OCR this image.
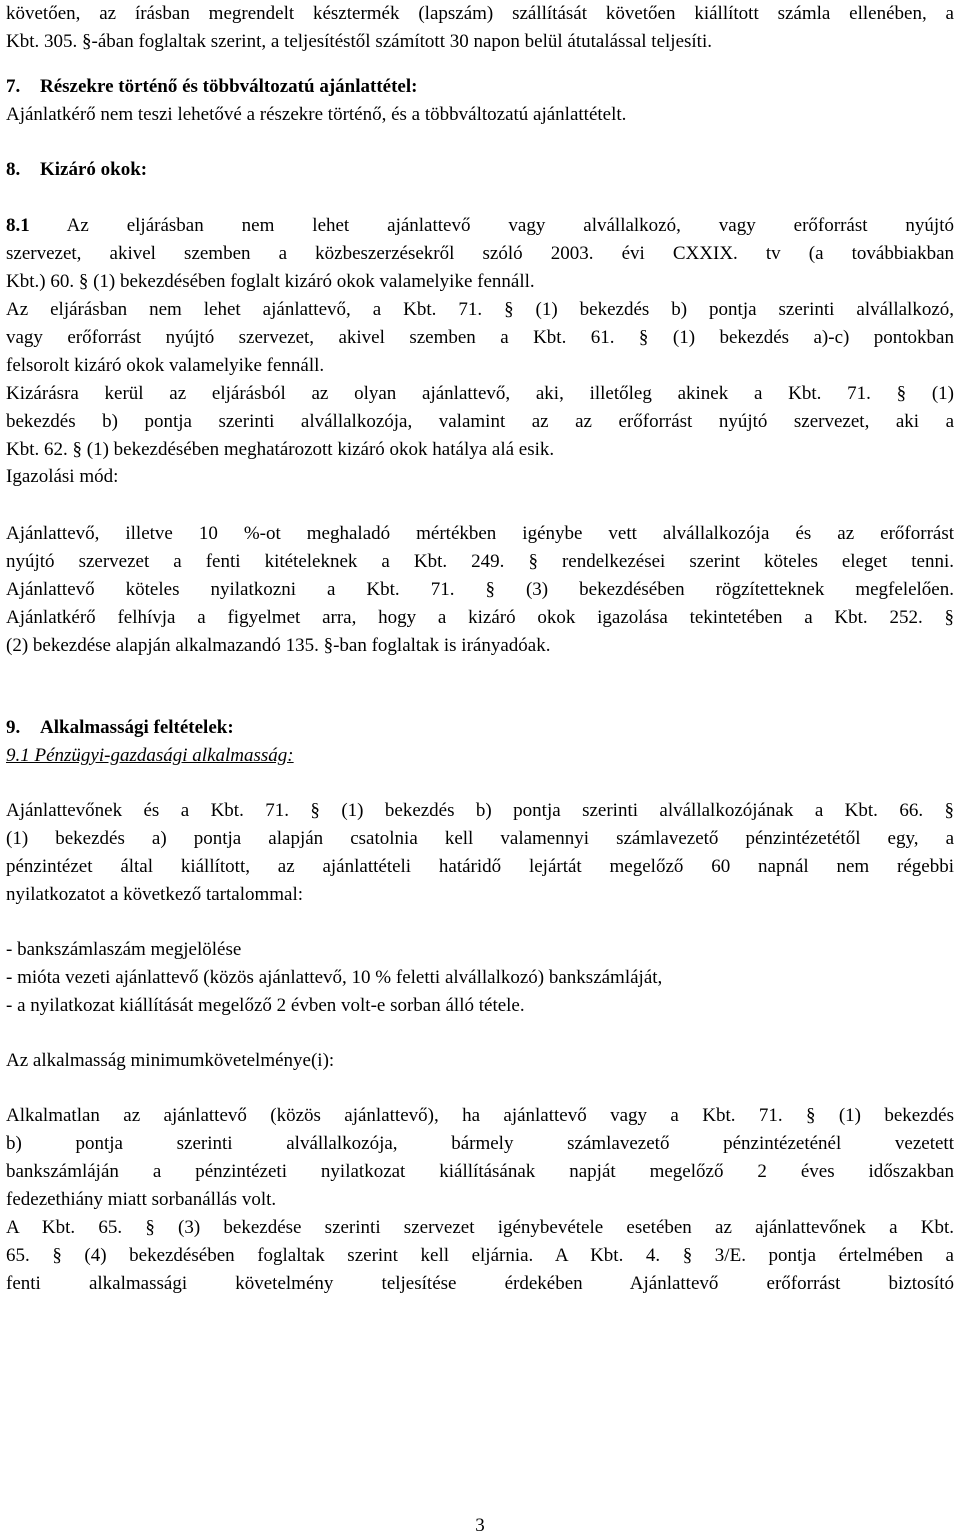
követően, az írásban megrendelt késztermék (lapszám) szállítását követően kiállított számla ellenében, a
Kbt. 305. §-ában foglaltak szerint, a teljesítéstől számított 30 napon belül átutalással teljesíti.

7. Részekre történő és többváltozatú ajánlattétel:
Ajánlatkérő nem teszi lehetővé a részekre történő, és a többváltozatú ajánlattételt.
8. Kizáró okok:

8.1 Az eljárásban nem lehet ajánlattevő vagy alvállalkozó, vagy erőforrást nyújtó
szervezet, akivel szemben a közbeszerzésekről szóló 2003. évi CXXIX. tv (a továbbiakban
Kbt.) 60. § (1) bekezdésében foglalt kizáró okok valamelyike fennáll.

Az eljárásban nem lehet ajánlattevő, a Kbt. 71. § (1) bekezdés b) pontja szerinti alvállalkozó,
vagy erőforrást nyújtó szervezet, akivel szemben a Kbt. 61. § (1) bekezdés a)-c) pontokban
felsorolt kizáró okok valamelyike fennáll.

Kizárásra kerül az eljárásból az olyan ajánlattevő, aki, illetőleg akinek a Kbt. 71. § (1)
bekezdés b) pontja szerinti alvállalkozója, valamint az az erőforrást nyújtó szervezet, aki a
Kbt. 62. § (1) bekezdésében meghatározott kizáró okok hatálya alá esik.

Igazolási mód:

Ajánlattevő, illetve 10 %-ot meghaladó mértékben igénybe vett alvállalkozója és az erőforrást
nyújtó szervezet a fenti kitételeknek a Kbt. 249. § rendelkezései szerint köteles eleget tenni.
Ajánlattevő köteles nyilatkozni a Kbt. 71. § (3) bekezdésében rögzítetteknek megfelelően.
Ajánlatkérő felhívja a figyelmet arra, hogy a kizáró okok igazolása tekintetében a Kbt. 252. §
(2) bekezdése alapján alkalmazandó 135. §-ban foglaltak is irányadóak.

9. Alkalmassági feltételek:
9.1 Pénzügyi-gazdasági alkalmasság:

Ajánlattevőnek és a Kbt. 71. § (1) bekezdés b) pontja szerinti alvállalkozójának a Kbt. 66. §
(1) bekezdés a) pontja alapján csatolnia kell valamennyi számlavezető pénzintézetétől egy, a
pénzintézet által kiállított, az ajánlattételi határidő lejártát megelőző 60 napnál nem régebbi
nyilatkozatot a következő tartalommal:

- bankszámlaszám megjelölése
- mióta vezeti ajánlattevő (közös ajánlattevő, 10 % feletti alvállalkozó) bankszámláját,
- a nyilatkozat kiállítását megelőző 2 évben volt-e sorban álló tétele.
Az alkalmasság minimumkövetelménye(i):

Alkalmatlan az ajánlattevő (közös ajánlattevő), ha ajánlattevő vagy a Kbt. 71. § (1) bekezdés
b) pontja szerinti alvállalkozója, bármely számlavezető pénzintézeténél vezetett
bankszámláján a pénzintézeti nyilatkozat kiállításának napját megelőző 2 éves időszakban
fedezethiány miatt sorbanállás volt.

A Kbt. 65. § (3) bekezdése szerinti szervezet igénybevétele esetében az ajánlattevőnek a Kbt.
65. § (4) bekezdésében foglaltak szerint kell eljárnia. A Kbt. 4. § 3/E. pontja értelmében a
fenti alkalmassági követelmény teljesítése érdekében Ajánlattevő erőforrást biztosító

3
